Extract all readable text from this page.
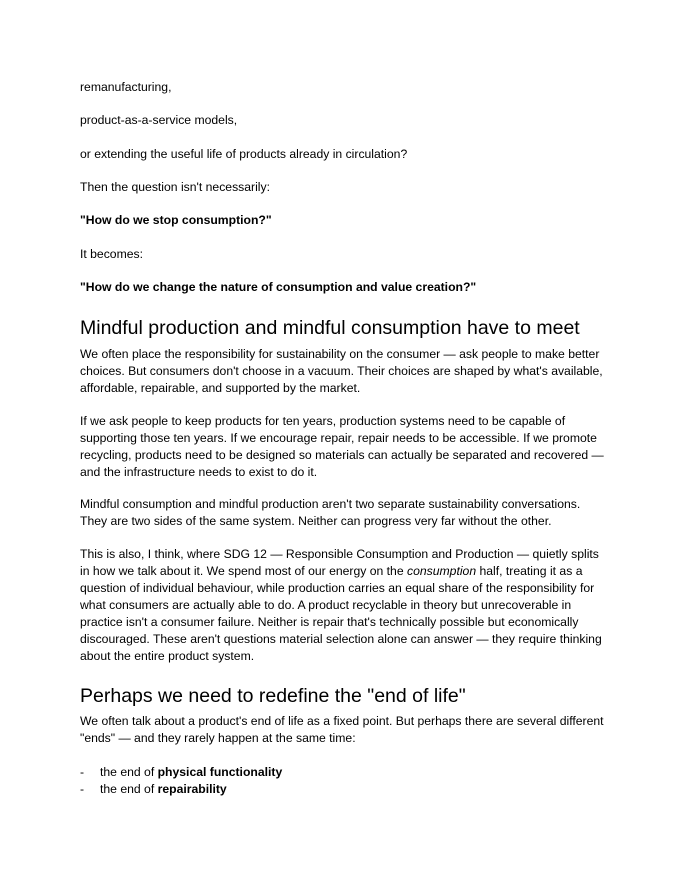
remanufacturing,

product-as-a-service models,

or extending the useful life of products already in circulation?

Then the question isn't necessarily:

"How do we stop consumption?"

It becomes:

"How do we change the nature of consumption and value creation?"

Mindful production and mindful consumption have to meet

We often place the responsibility for sustainability on the consumer — ask people to make better choices. But consumers don't choose in a vacuum. Their choices are shaped by what's available, affordable, repairable, and supported by the market.

If we ask people to keep products for ten years, production systems need to be capable of supporting those ten years. If we encourage repair, repair needs to be accessible. If we promote recycling, products need to be designed so materials can actually be separated and recovered — and the infrastructure needs to exist to do it.

Mindful consumption and mindful production aren't two separate sustainability conversations. They are two sides of the same system. Neither can progress very far without the other.

This is also, I think, where SDG 12 — Responsible Consumption and Production — quietly splits in how we talk about it. We spend most of our energy on the consumption half, treating it as a question of individual behaviour, while production carries an equal share of the responsibility for what consumers are actually able to do. A product recyclable in theory but unrecoverable in practice isn't a consumer failure. Neither is repair that's technically possible but economically discouraged. These aren't questions material selection alone can answer — they require thinking about the entire product system.

Perhaps we need to redefine the "end of life"

We often talk about a product's end of life as a fixed point. But perhaps there are several different "ends" — and they rarely happen at the same time:

- the end of physical functionality
- the end of repairability
